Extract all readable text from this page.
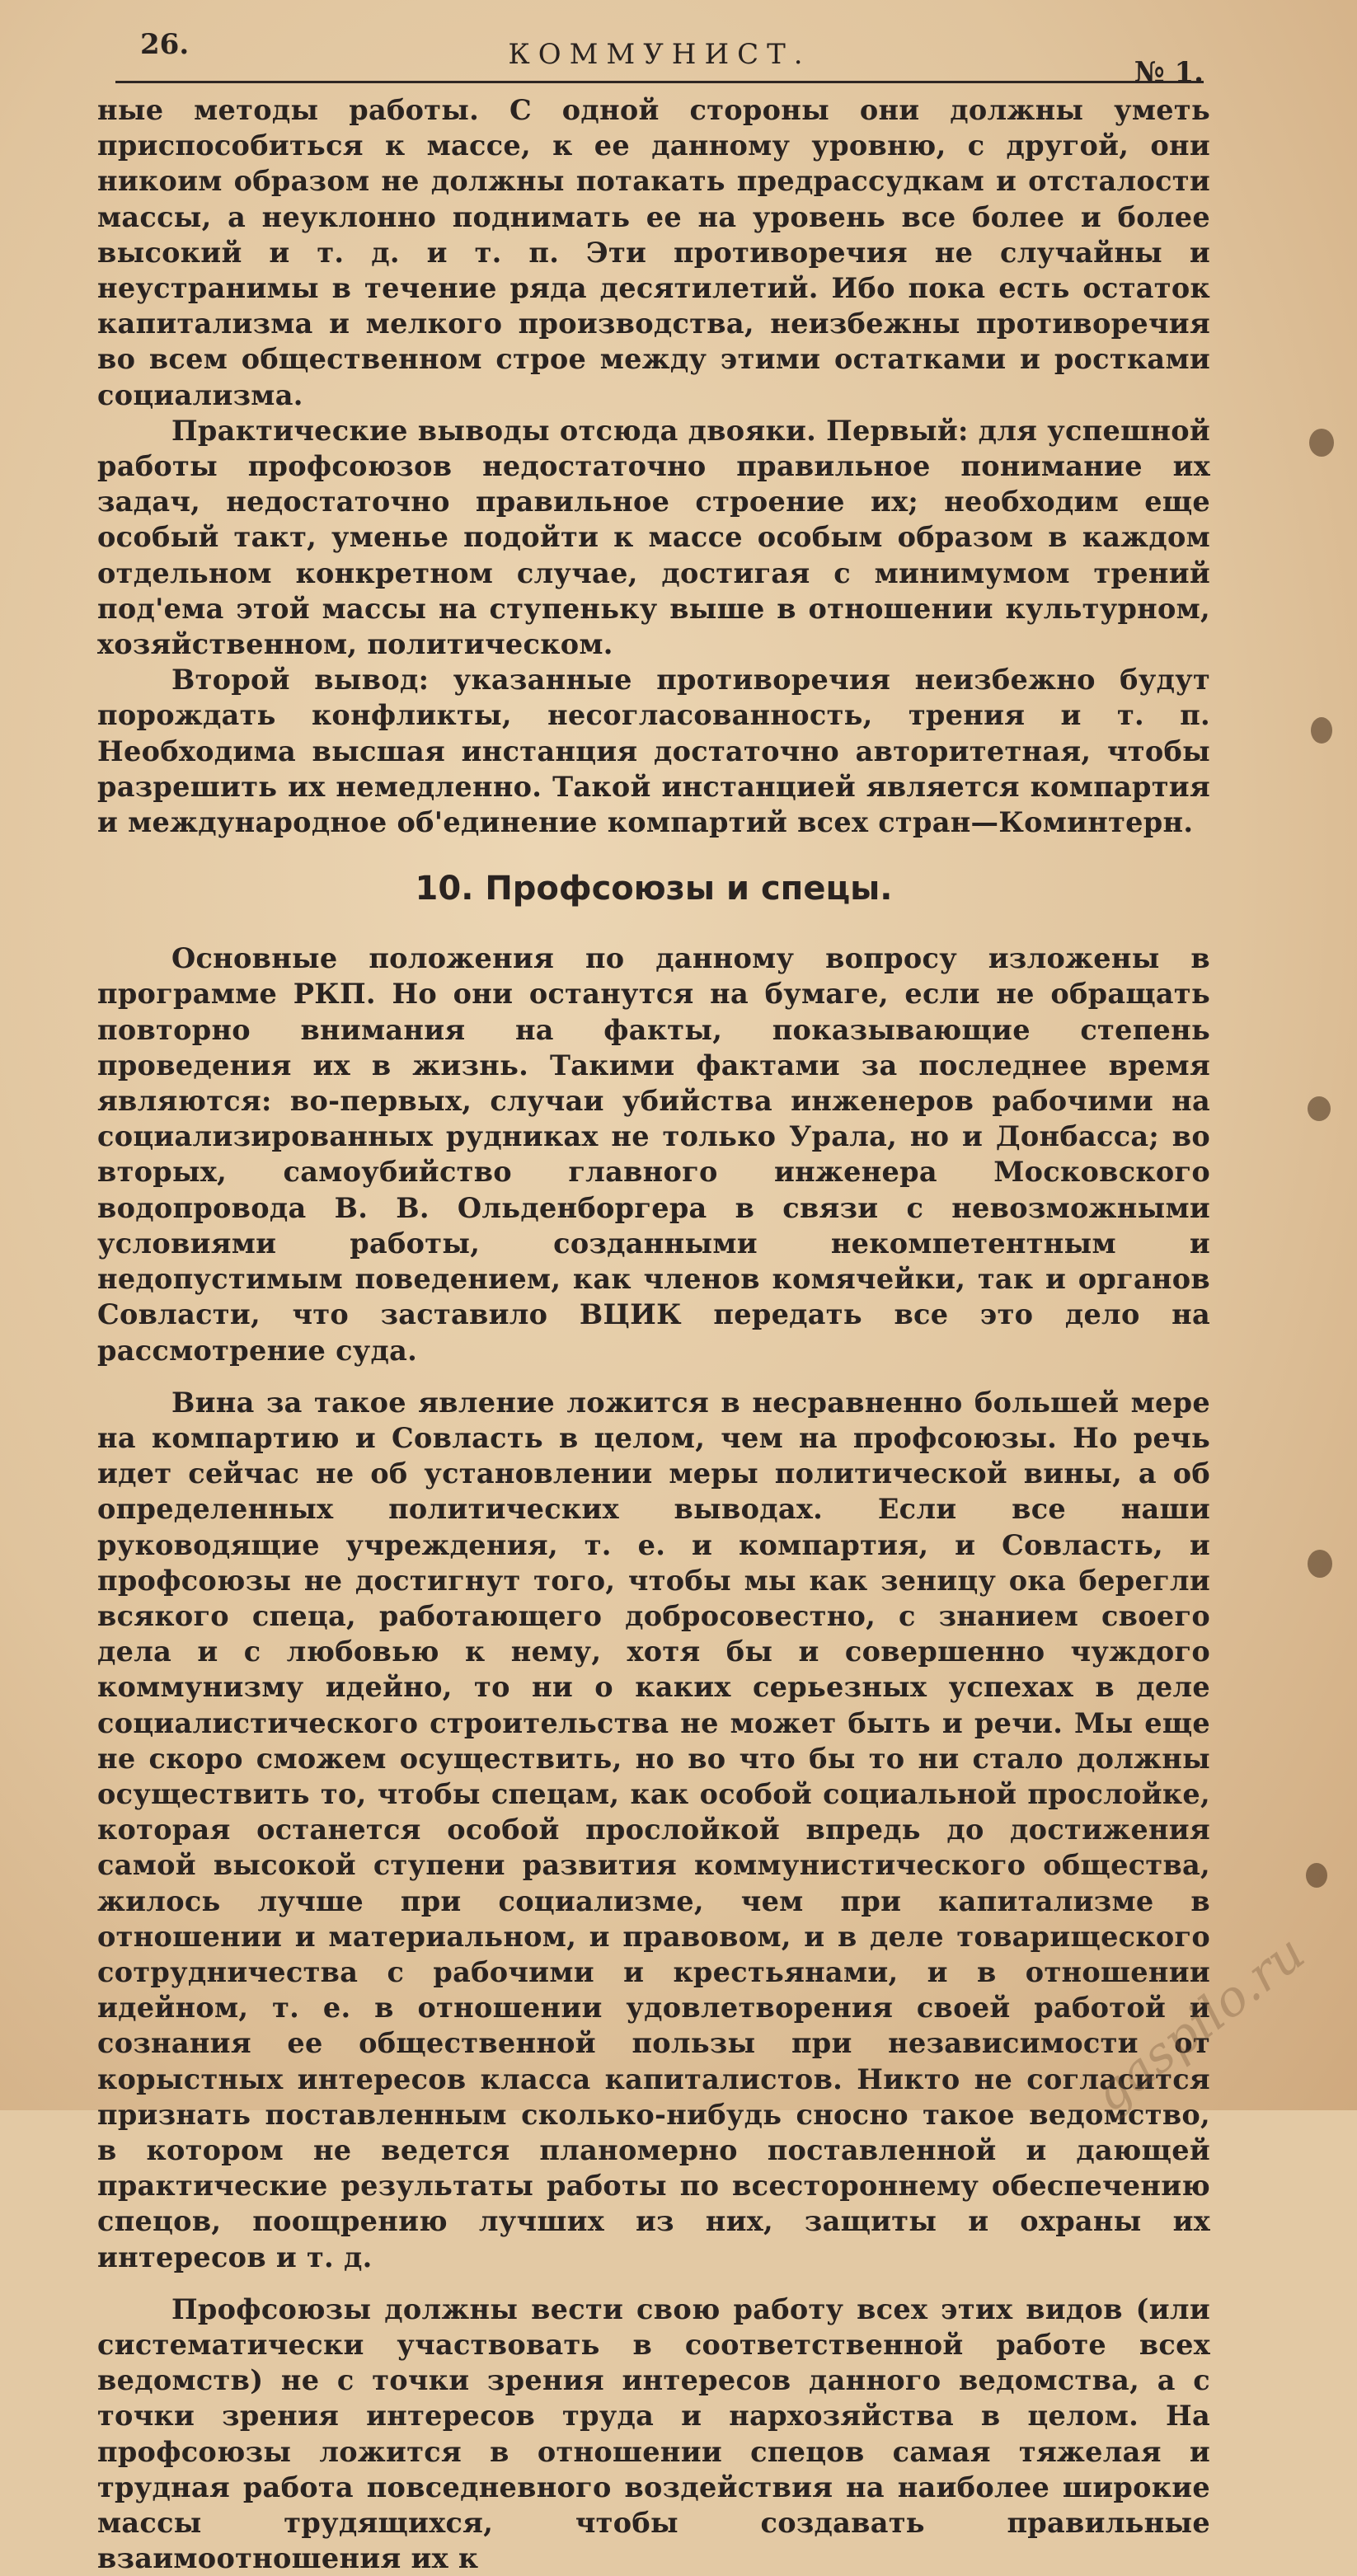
26.	КОММУНИСТ.
№ 1.

ные методы работы. С одной стороны они должны уметь приспособиться к массе, к ее данному уровню, с другой, они никоим образом не должны потакать предрассудкам и отсталости массы, а неуклонно поднимать ее на уровень все более и более высокий и т. д. и т. п. Эти противоречия не случайны и неустранимы в течение ряда десятилетий. Ибо пока есть остаток капитализма и мелкого производства, неизбежны противоречия во всем общественном строе между этими остатками и ростками социализма.

Практические выводы отсюда двояки. Первый: для успешной работы профсоюзов недостаточно правильное понимание их задач, недостаточно правильное строение их; необходим еще особый такт, уменье подойти к массе особым образом в каждом отдельном конкретном случае, достигая с минимумом трений под'ема этой массы на ступеньку выше в отношении культурном, хозяйственном, политическом.

Второй вывод: указанные противоречия неизбежно будут порождать конфликты, несогласованность, трения и т. п. Необходима высшая инстанция достаточно авторитетная, чтобы разрешить их немедленно. Такой инстанцией является компартия и международное об'единение компартий всех стран—Коминтерн.

10. Профсоюзы и спецы.

Основные положения по данному вопросу изложены в программе РКП. Но они останутся на бумаге, если не обращать повторно внимания на факты, показывающие степень проведения их в жизнь. Такими фактами за последнее время являются: во-первых, случаи убийства инженеров рабочими на социализированных рудниках не только Урала, но и Донбасса; во вторых, самоубийство главного инженера Московского водопровода В. В. Ольденборгера в связи с невозможными условиями работы, созданными некомпетентным и недопустимым поведением, как членов комячейки, так и органов Совласти, что заставило ВЦИК передать все это дело на рассмотрение суда.

Вина за такое явление ложится в несравненно большей мере на компартию и Совласть в целом, чем на профсоюзы. Но речь идет сейчас не об установлении меры политической вины, а об определенных политических выводах. Если все наши руководящие учреждения, т. е. и компартия, и Совласть, и профсоюзы не достигнут того, чтобы мы как зеницу ока берегли всякого спеца, работающего добросовестно, с знанием своего дела и с любовью к нему, хотя бы и совершенно чуждого коммунизму идейно, то ни о каких серьезных успехах в деле социалистического строительства не может быть и речи. Мы еще не скоро сможем осуществить, но во что бы то ни стало должны осуществить то, чтобы спецам, как особой социальной прослойке, которая останется особой прослойкой впредь до достижения самой высокой ступени развития коммунистического общества, жилось лучше при социализме, чем при капитализме в отношении и материальном, и правовом, и в деле товарищеского сотрудничества с рабочими и крестьянами, и в отношении идейном, т. е. в отношении удовлетворения своей работой и сознания ее общественной пользы при независимости от корыстных интересов класса капиталистов. Никто не согласится признать поставленным сколько-нибудь сносно такое ведомство, в котором не ведется планомерно поставленной и дающей практические результаты работы по всестороннему обеспечению спецов, поощрению лучших из них, защиты и охраны их интересов и т. д.

Профсоюзы должны вести свою работу всех этих видов (или систематически участвовать в соответственной работе всех ведомств) не с точки зрения интересов данного ведомства, а с точки зрения интересов труда и нархозяйства в целом. На профсоюзы ложится в отношении спецов самая тяжелая и трудная работа повседневного воздействия на наиболее широкие массы трудящихся, чтобы создавать правильные взаимоотношения их к

gaspilo.ru
